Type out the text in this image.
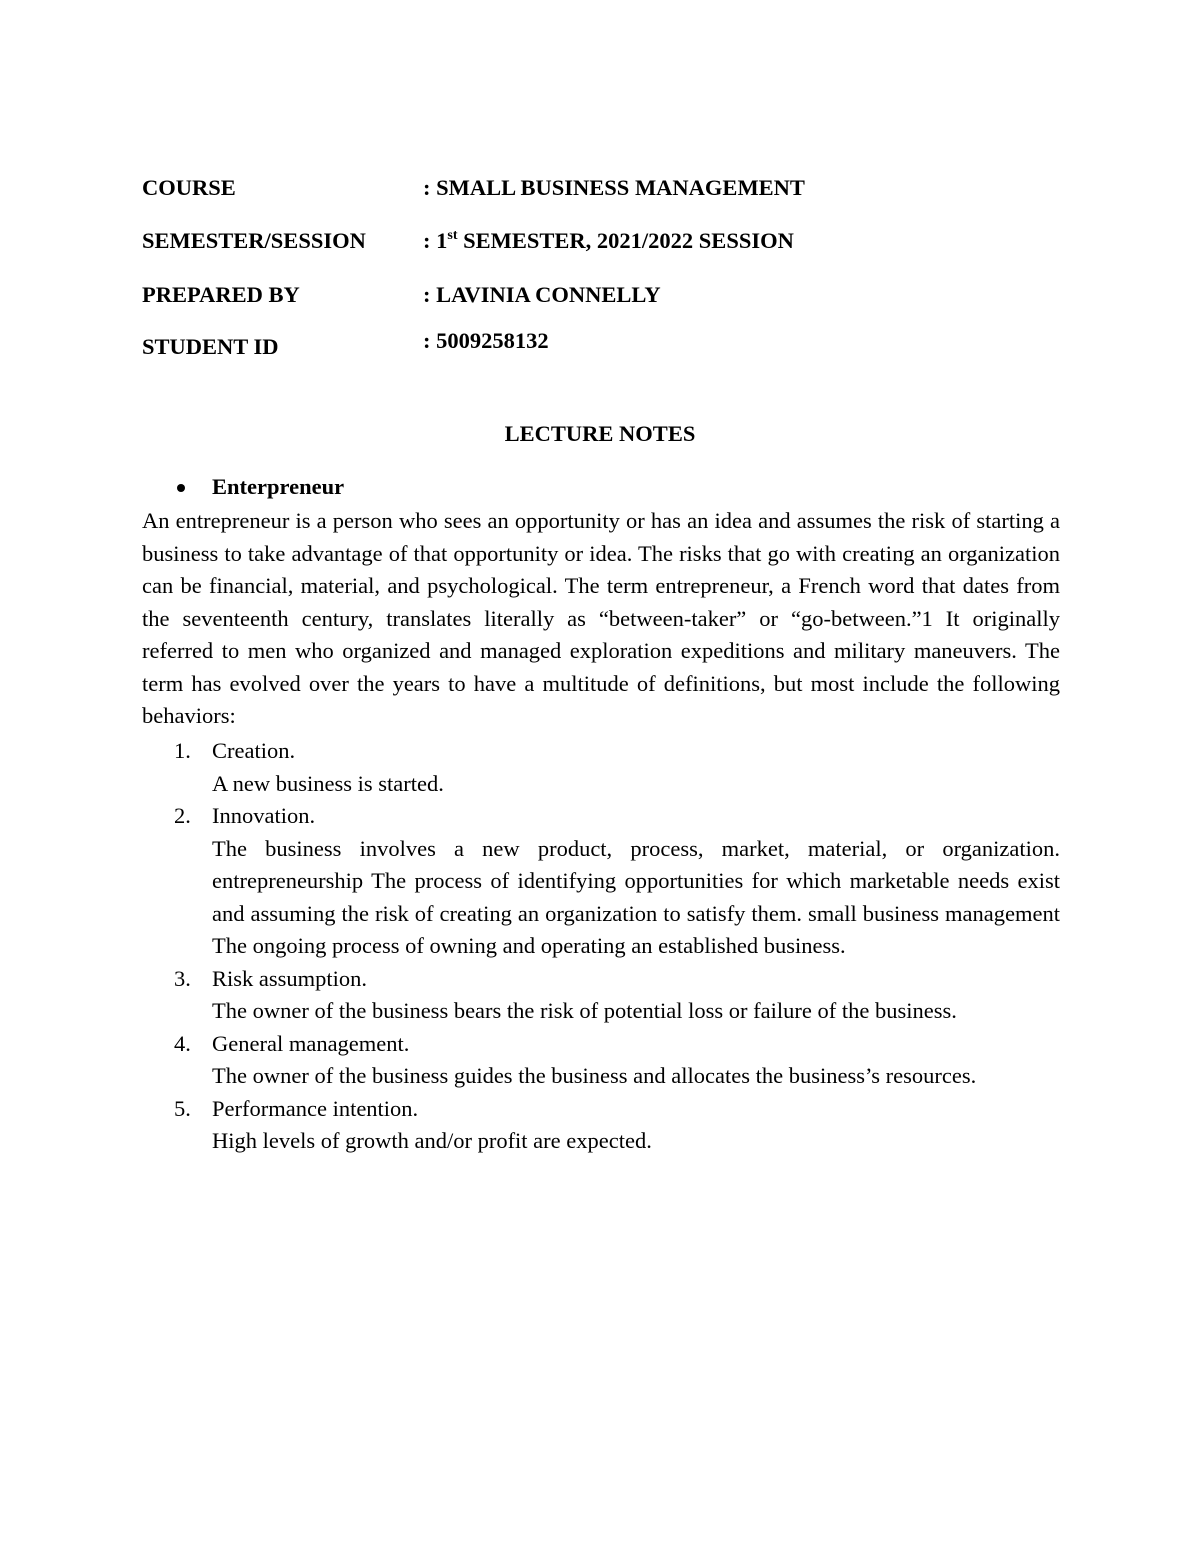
COURSE	: SMALL BUSINESS MANAGEMENT
SEMESTER/SESSION	: 1st SEMESTER, 2021/2022 SESSION
PREPARED BY	: LAVINIA CONNELLY
STUDENT ID	: 5009258132
LECTURE NOTES
Enterpreneur

An entrepreneur is a person who sees an opportunity or has an idea and assumes the risk of starting a business to take advantage of that opportunity or idea. The risks that go with creating an organization can be financial, material, and psychological. The term entrepreneur, a French word that dates from the seventeenth century, translates literally as “between-taker” or “go-between.”1 It originally referred to men who organized and managed exploration expeditions and military maneuvers. The term has evolved over the years to have a multitude of definitions, but most include the following behaviors:

1. Creation.

A new business is started.

2. Innovation.

The business involves a new product, process, market, material, or organization. entrepreneurship The process of identifying opportunities for which marketable needs exist and assuming the risk of creating an organization to satisfy them. small business management The ongoing process of owning and operating an established business.

3. Risk assumption.

The owner of the business bears the risk of potential loss or failure of the business.

4. General management.

The owner of the business guides the business and allocates the business’s resources.

5. Performance intention.

High levels of growth and/or profit are expected.
